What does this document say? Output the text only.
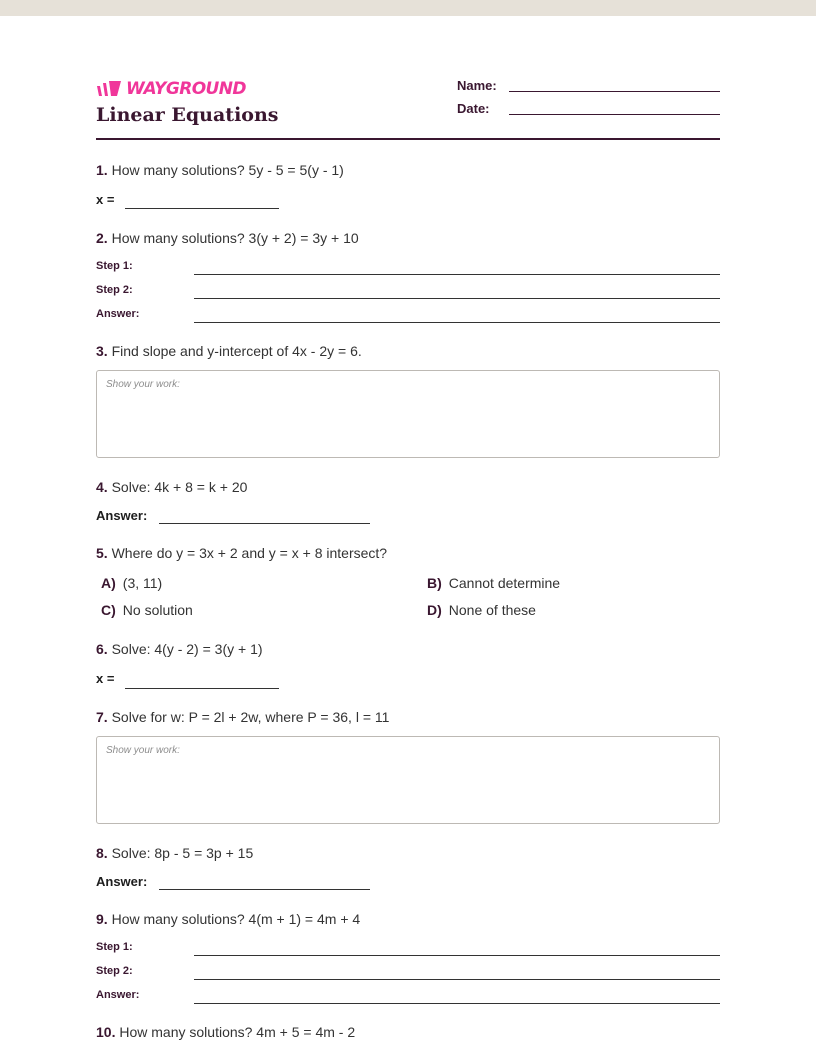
WAYGROUND
Linear Equations
Name:
Date:
1. How many solutions? 5y - 5 = 5(y - 1)
x =
2. How many solutions? 3(y + 2) = 3y + 10
Step 1:
Step 2:
Answer:
3. Find slope and y-intercept of 4x - 2y = 6.
Show your work:
4. Solve: 4k + 8 = k + 20
Answer:
5. Where do y = 3x + 2 and y = x + 8 intersect?
A) (3, 11)	B) Cannot determine
C) No solution	D) None of these
6. Solve: 4(y - 2) = 3(y + 1)
x =
7. Solve for w: P = 2l + 2w, where P = 36, l = 11
Show your work:
8. Solve: 8p - 5 = 3p + 15
Answer:
9. How many solutions? 4(m + 1) = 4m + 4
Step 1:
Step 2:
Answer:
10. How many solutions? 4m + 5 = 4m - 2
